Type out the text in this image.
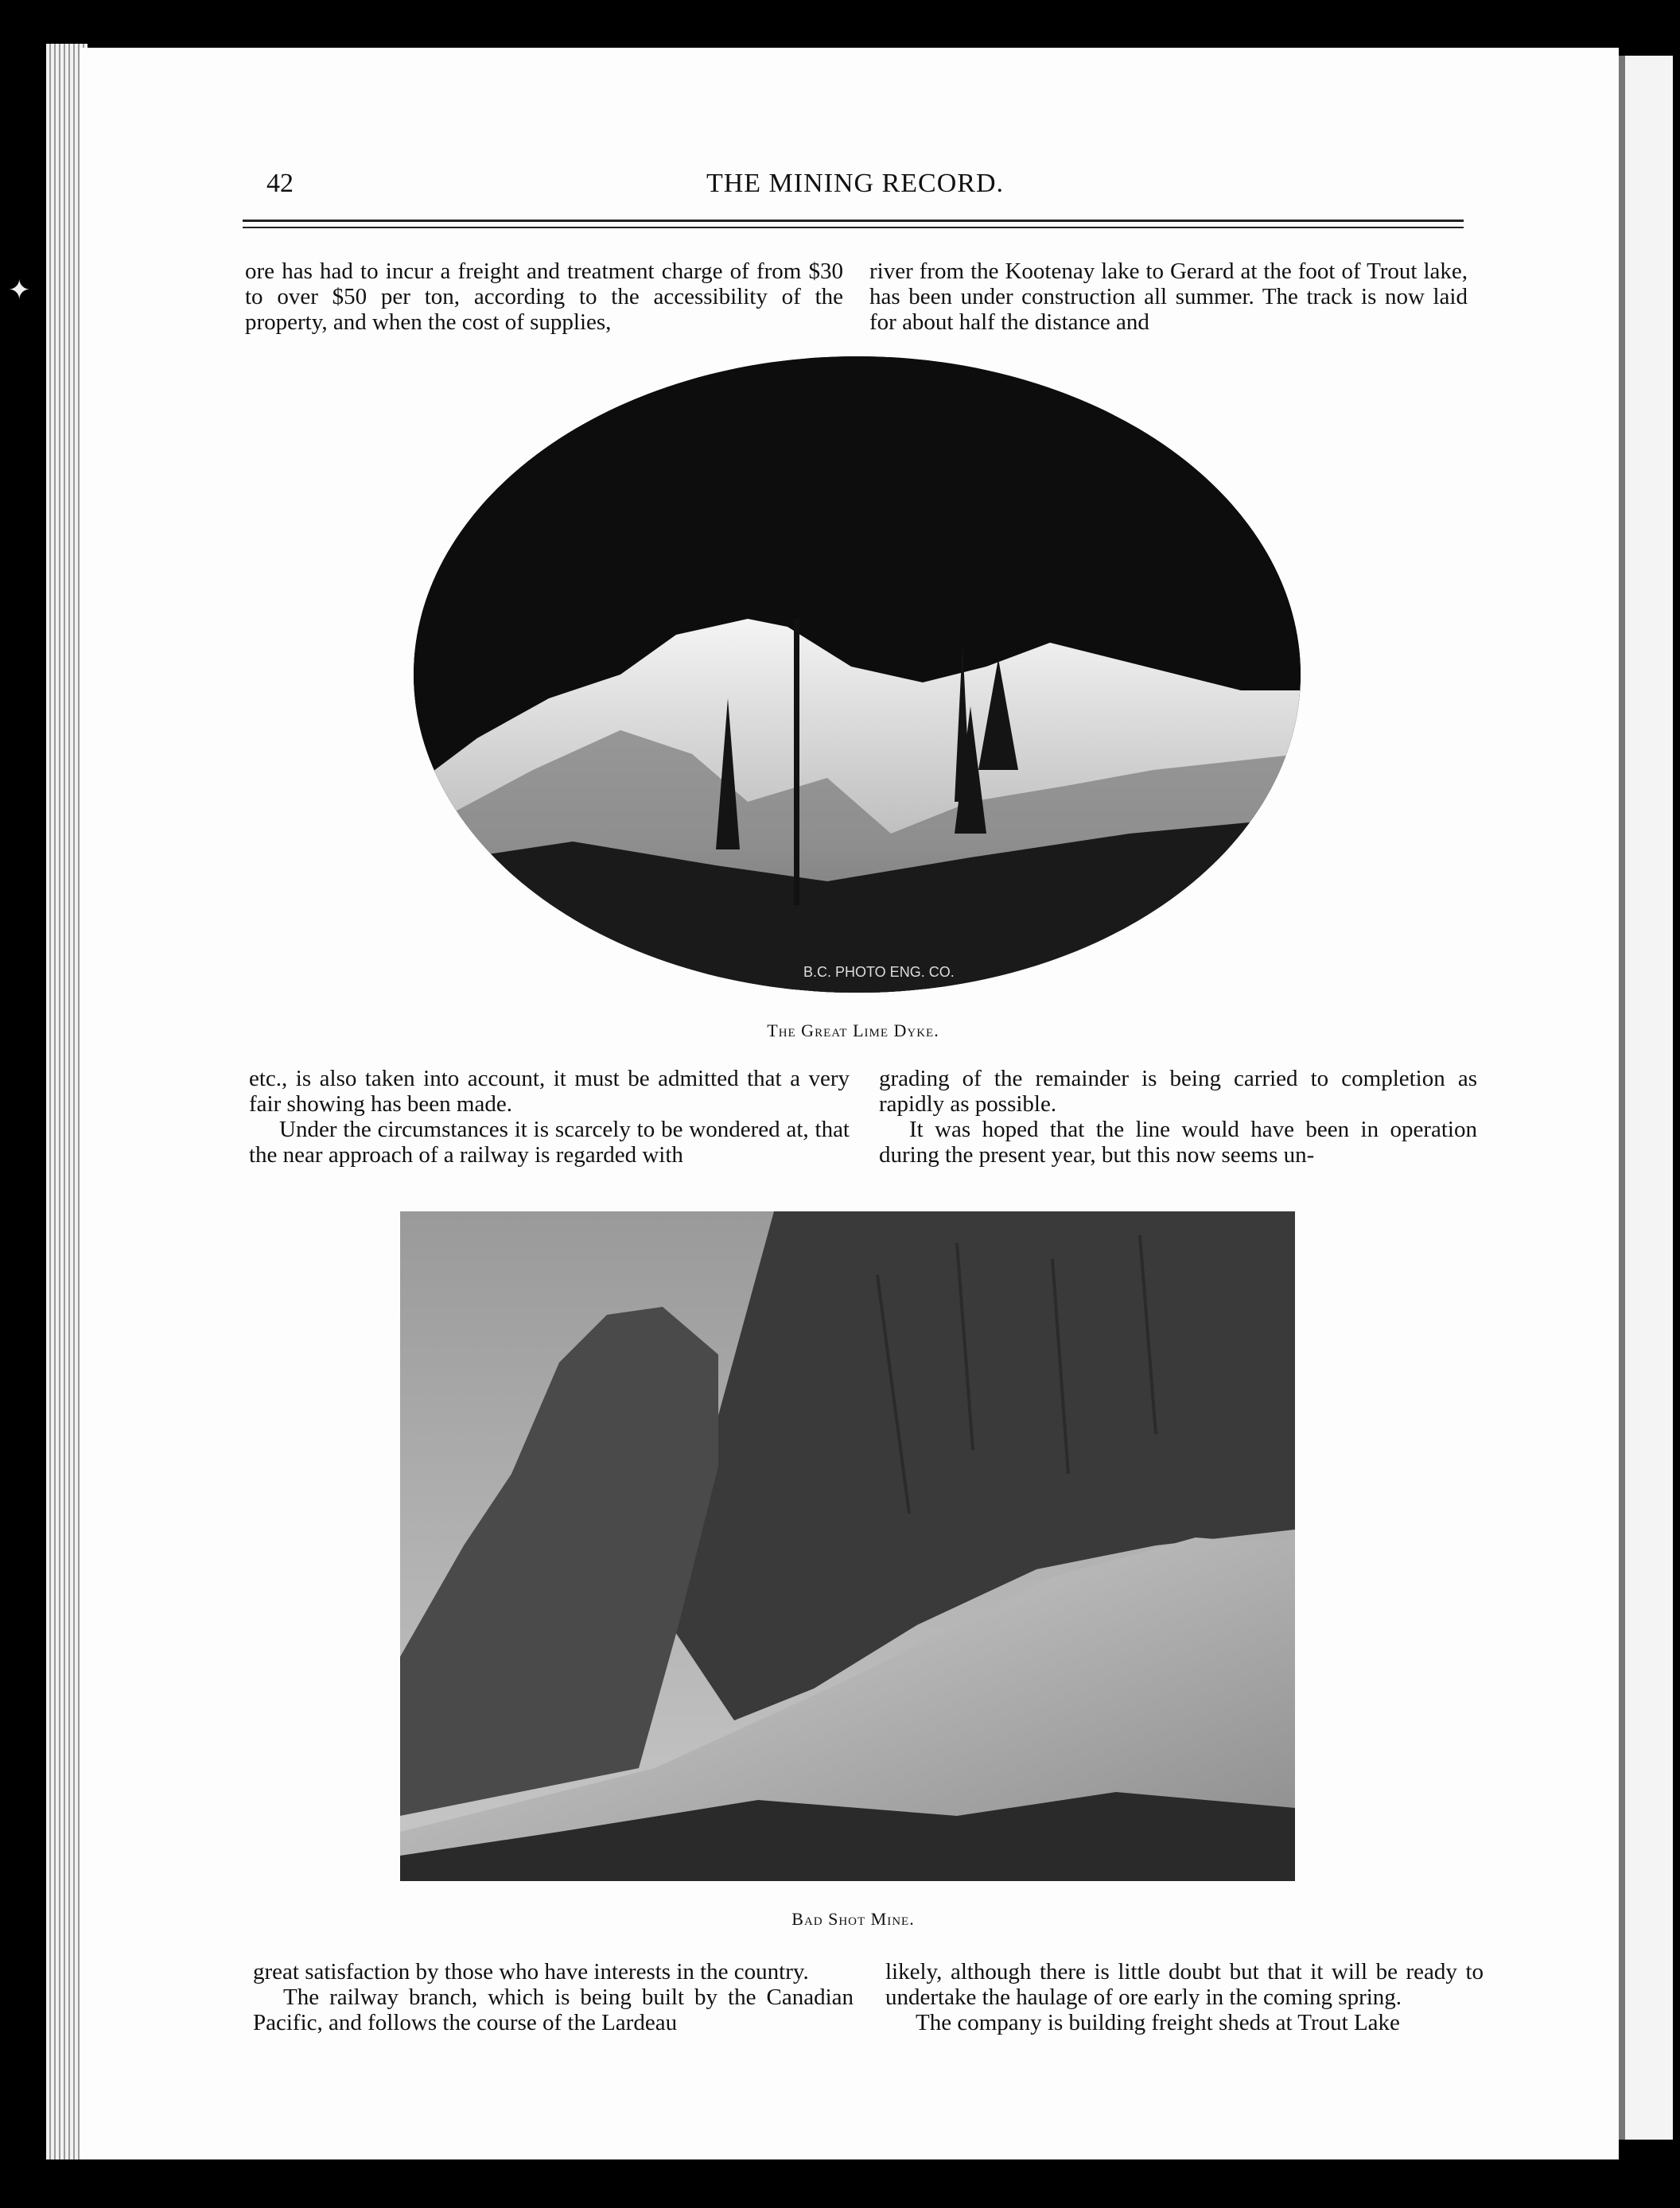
✦
42	THE MINING RECORD.

ore has had to incur a freight and treatment charge of from $30 to over $50 per ton, according to the accessibility of the property, and when the cost of supplies,

river from the Kootenay lake to Gerard at the foot of Trout lake, has been under construction all summer. The track is now laid for about half the distance and

B.C. PHOTO ENG. CO.
The Great Lime Dyke.

etc., is also taken into account, it must be admitted that a very fair showing has been made.

Under the circumstances it is scarcely to be wondered at, that the near approach of a railway is regarded with

grading of the remainder is being carried to completion as rapidly as possible.

It was hoped that the line would have been in operation during the present year, but this now seems un-

Bad Shot Mine.

great satisfaction by those who have interests in the country.

The railway branch, which is being built by the Canadian Pacific, and follows the course of the Lardeau

likely, although there is little doubt but that it will be ready to undertake the haulage of ore early in the coming spring.

The company is building freight sheds at Trout Lake
